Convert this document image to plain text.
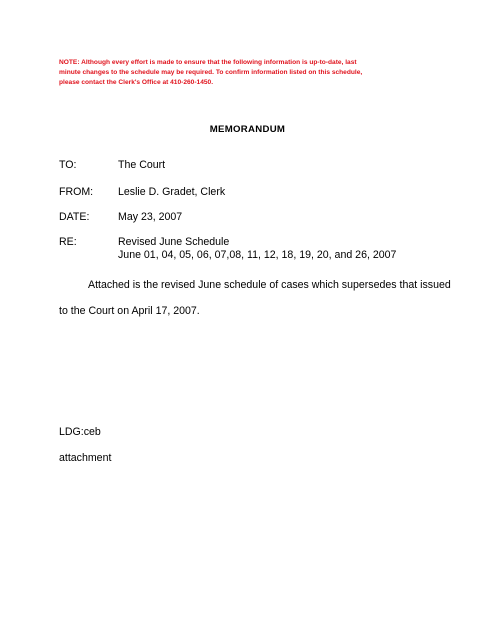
NOTE: Although every effort is made to ensure that the following information is up-to-date, last
minute changes to the schedule may be required. To confirm information listed on this schedule,
please contact the Clerk's Office at 410-260-1450.
MEMORANDUM
TO:	The Court
FROM: Leslie D. Gradet, Clerk
DATE:	May 23, 2007
RE:	Revised June Schedule
June 01, 04, 05, 06, 07,08, 11, 12, 18, 19, 20, and 26, 2007
Attached is the revised June schedule of cases which supersedes that issued
to the Court on April 17, 2007.
LDG:ceb
attachment
